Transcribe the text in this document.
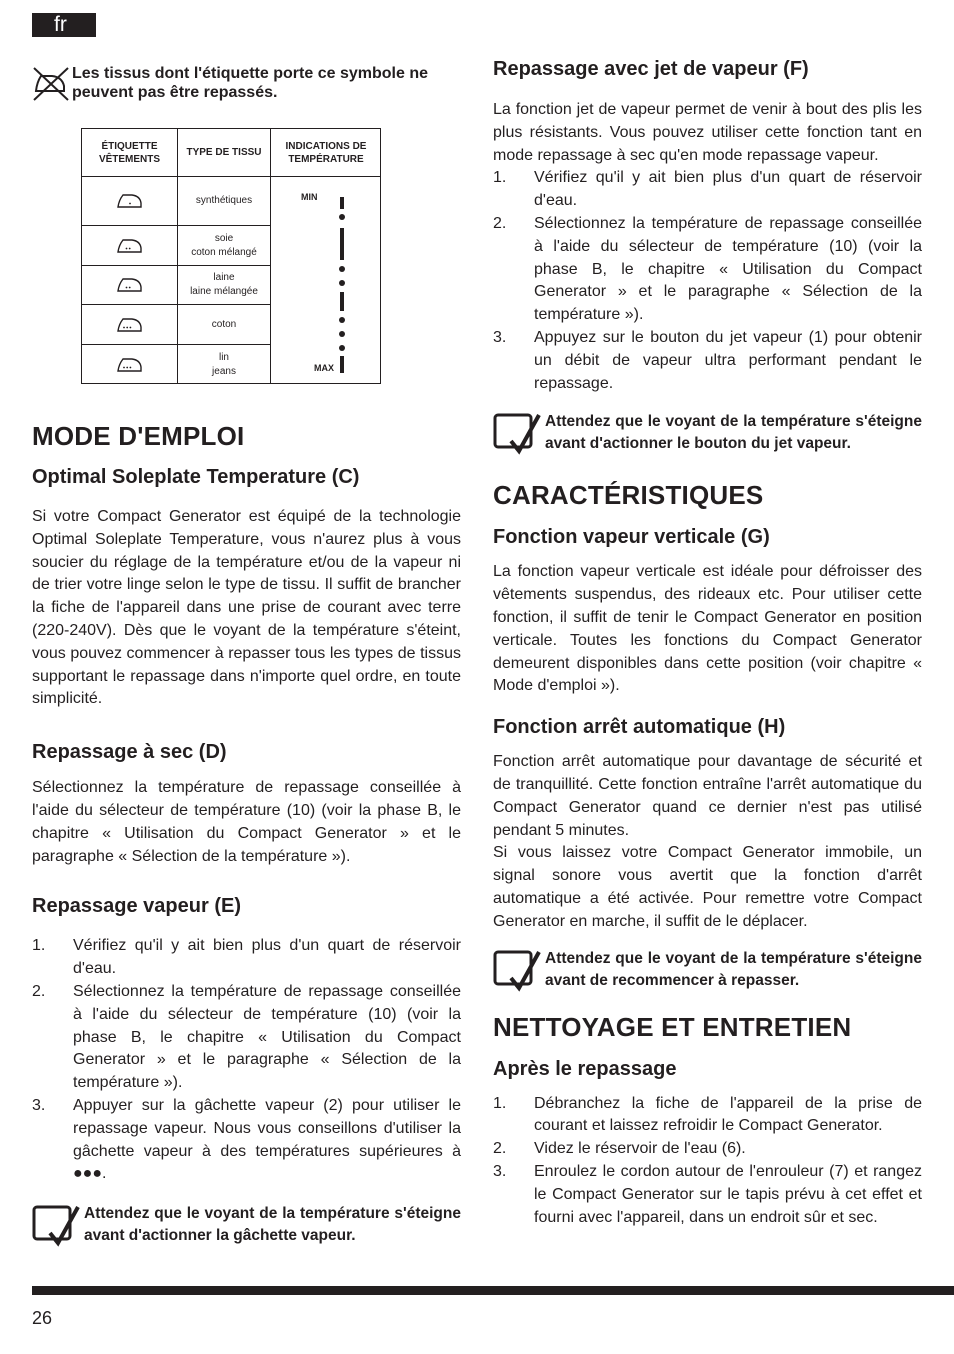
fr
Les tissus dont l'étiquette porte ce symbole ne peuvent pas être repassés.
ÉTIQUETTE VÊTEMENTS
TYPE DE TISSU
INDICATIONS DE TEMPÉRATURE
synthétiques
soie
coton mélangé
laine
laine mélangée
coton
lin
jeans
MIN
MAX
MODE D'EMPLOI
Optimal Soleplate Temperature (C)
Si votre Compact Generator est équipé de la technologie Optimal Soleplate Temperature, vous n'aurez plus à vous soucier du réglage de la température et/ou de la vapeur ni de trier votre linge selon le type de tissu. Il suffit de brancher la fiche de l'appareil dans une prise de courant avec terre (220-240V). Dès que le voyant de la température s'éteint, vous pouvez commencer à repasser tous les types de tissus supportant le repassage dans n'importe quel ordre, en toute simplicité.
Repassage à sec (D)
Sélectionnez la température de repassage conseillée à l'aide du sélecteur de température (10) (voir la phase B, le chapitre « Utilisation du Compact Generator » et le paragraphe « Sélection de la température »).
Repassage vapeur (E)
1. Vérifiez qu'il y ait bien plus d'un quart de réservoir d'eau.
2. Sélectionnez la température de repassage conseillée à l'aide du sélecteur de température (10) (voir la phase B, le chapitre « Utilisation du Compact Generator » et le paragraphe « Sélection de la température »).
3. Appuyer sur la gâchette vapeur (2) pour utiliser le repassage vapeur. Nous vous conseillons d'utiliser la gâchette vapeur à des températures supérieures à ●●●.
Attendez que le voyant de la température s'éteigne avant d'actionner la gâchette vapeur.
Repassage avec jet de vapeur (F)
La fonction jet de vapeur permet de venir à bout des plis les plus résistants. Vous pouvez utiliser cette fonction tant en mode repassage à sec qu'en mode repassage vapeur.
1. Vérifiez qu'il y ait bien plus d'un quart de réservoir d'eau.
2. Sélectionnez la température de repassage conseillée à l'aide du sélecteur de température (10) (voir la phase B, le chapitre « Utilisation du Compact Generator » et le paragraphe « Sélection de la température »).
3. Appuyez sur le bouton du jet vapeur (1) pour obtenir un débit de vapeur ultra performant pendant le repassage.
Attendez que le voyant de la température s'éteigne avant d'actionner le bouton du jet vapeur.
CARACTÉRISTIQUES
Fonction vapeur verticale (G)
La fonction vapeur verticale est idéale pour défroisser des vêtements suspendus, des rideaux etc. Pour utiliser cette fonction, il suffit de tenir le Compact Generator en position verticale. Toutes les fonctions du Compact Generator demeurent disponibles dans cette position (voir chapitre « Mode d'emploi »).
Fonction arrêt automatique (H)
Fonction arrêt automatique pour davantage de sécurité et de tranquillité. Cette fonction entraîne l'arrêt automatique du Compact Generator quand ce dernier n'est pas utilisé pendant 5 minutes.
Si vous laissez votre Compact Generator immobile, un signal sonore vous avertit que la fonction d'arrêt automatique a été activée. Pour remettre votre Compact Generator en marche, il suffit de le déplacer.
Attendez que le voyant de la température s'éteigne avant de recommencer à repasser.
NETTOYAGE ET ENTRETIEN
Après le repassage
1. Débranchez la fiche de l'appareil de la prise de courant et laissez refroidir le Compact Generator.
2. Videz le réservoir de l'eau (6).
3. Enroulez le cordon autour de l'enrouleur (7) et rangez le Compact Generator sur le tapis prévu à cet effet et fourni avec l'appareil, dans un endroit sûr et sec.
26
